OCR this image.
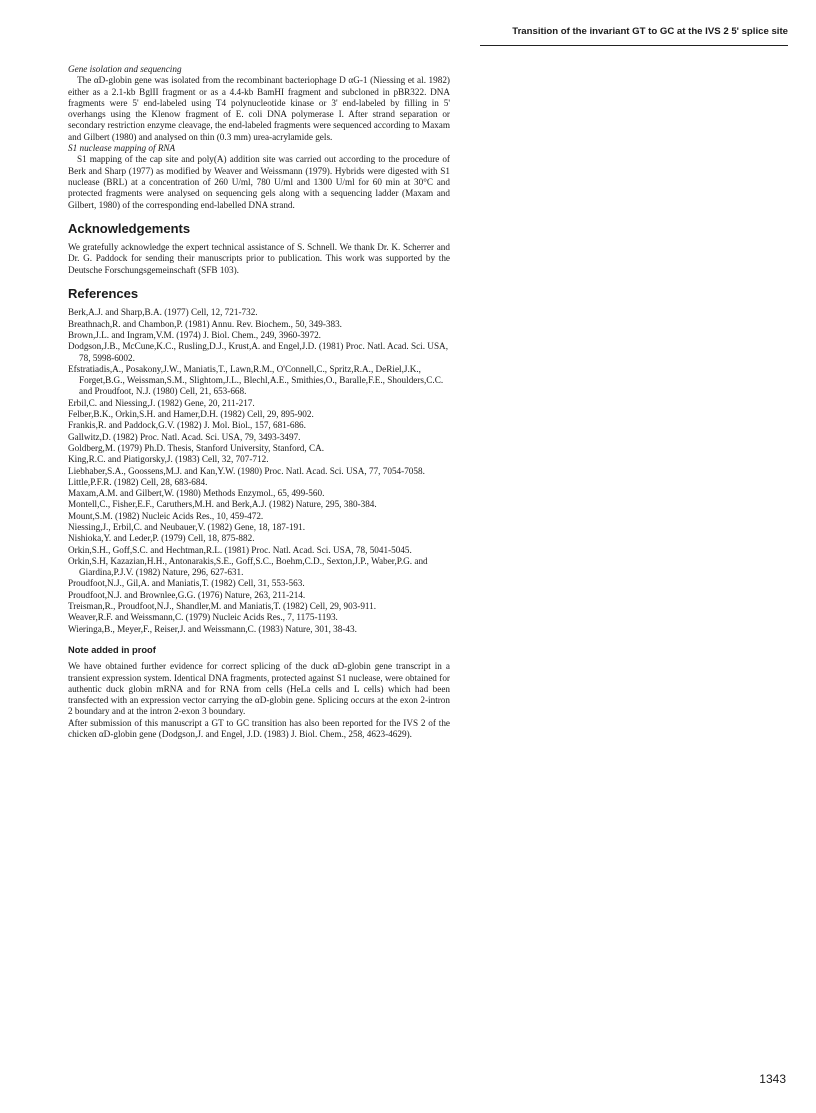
Transition of the invariant GT to GC at the IVS 2 5' splice site

Gene isolation and sequencing

The αD-globin gene was isolated from the recombinant bacteriophage D αG-1 (Niessing et al. 1982) either as a 2.1-kb BglII fragment or as a 4.4-kb BamHI fragment and subcloned in pBR322. DNA fragments were 5' end-labeled using T4 polynucleotide kinase or 3' end-labeled by filling in 5' overhangs using the Klenow fragment of E. coli DNA polymerase I. After strand separation or secondary restriction enzyme cleavage, the end-labeled fragments were sequenced according to Maxam and Gilbert (1980) and analysed on thin (0.3 mm) urea-acrylamide gels.

S1 nuclease mapping of RNA

S1 mapping of the cap site and poly(A) addition site was carried out according to the procedure of Berk and Sharp (1977) as modified by Weaver and Weissmann (1979). Hybrids were digested with S1 nuclease (BRL) at a concentration of 260 U/ml, 780 U/ml and 1300 U/ml for 60 min at 30°C and protected fragments were analysed on sequencing gels along with a sequencing ladder (Maxam and Gilbert, 1980) of the corresponding end-labelled DNA strand.

Acknowledgements

We gratefully acknowledge the expert technical assistance of S. Schnell. We thank Dr. K. Scherrer and Dr. G. Paddock for sending their manuscripts prior to publication. This work was supported by the Deutsche Forschungsgemeinschaft (SFB 103).

References
Berk,A.J. and Sharp,B.A. (1977) Cell, 12, 721-732.
Breathnach,R. and Chambon,P. (1981) Annu. Rev. Biochem., 50, 349-383.
Brown,J.L. and Ingram,V.M. (1974) J. Biol. Chem., 249, 3960-3972.
Dodgson,J.B., McCune,K.C., Rusling,D.J., Krust,A. and Engel,J.D. (1981) Proc. Natl. Acad. Sci. USA, 78, 5998-6002.
Efstratiadis,A., Posakony,J.W., Maniatis,T., Lawn,R.M., O'Connell,C., Spritz,R.A., DeRiel,J.K., Forget,B.G., Weissman,S.M., Slightom,J.L., Blechl,A.E., Smithies,O., Baralle,F.E., Shoulders,C.C. and Proudfoot, N.J. (1980) Cell, 21, 653-668.
Erbil,C. and Niessing,J. (1982) Gene, 20, 211-217.
Felber,B.K., Orkin,S.H. and Hamer,D.H. (1982) Cell, 29, 895-902.
Frankis,R. and Paddock,G.V. (1982) J. Mol. Biol., 157, 681-686.
Gallwitz,D. (1982) Proc. Natl. Acad. Sci. USA, 79, 3493-3497.
Goldberg,M. (1979) Ph.D. Thesis, Stanford University, Stanford, CA.
King,R.C. and Piatigorsky,J. (1983) Cell, 32, 707-712.
Liebhaber,S.A., Goossens,M.J. and Kan,Y.W. (1980) Proc. Natl. Acad. Sci. USA, 77, 7054-7058.
Little,P.F.R. (1982) Cell, 28, 683-684.
Maxam,A.M. and Gilbert,W. (1980) Methods Enzymol., 65, 499-560.
Montell,C., Fisher,E.F., Caruthers,M.H. and Berk,A.J. (1982) Nature, 295, 380-384.
Mount,S.M. (1982) Nucleic Acids Res., 10, 459-472.
Niessing,J., Erbil,C. and Neubauer,V. (1982) Gene, 18, 187-191.
Nishioka,Y. and Leder,P. (1979) Cell, 18, 875-882.
Orkin,S.H., Goff,S.C. and Hechtman,R.L. (1981) Proc. Natl. Acad. Sci. USA, 78, 5041-5045.
Orkin,S.H, Kazazian,H.H., Antonarakis,S.E., Goff,S.C., Boehm,C.D., Sexton,J.P., Waber,P.G. and Giardina,P.J.V. (1982) Nature, 296, 627-631.
Proudfoot,N.J., Gil,A. and Maniatis,T. (1982) Cell, 31, 553-563.
Proudfoot,N.J. and Brownlee,G.G. (1976) Nature, 263, 211-214.
Treisman,R., Proudfoot,N.J., Shandler,M. and Maniatis,T. (1982) Cell, 29, 903-911.
Weaver,R.F. and Weissmann,C. (1979) Nucleic Acids Res., 7, 1175-1193.
Wieringa,B., Meyer,F., Reiser,J. and Weissmann,C. (1983) Nature, 301, 38-43.
Note added in proof

We have obtained further evidence for correct splicing of the duck αD-globin gene transcript in a transient expression system. Identical DNA fragments, protected against S1 nuclease, were obtained for authentic duck globin mRNA and for RNA from cells (HeLa cells and L cells) which had been transfected with an expression vector carrying the αD-globin gene. Splicing occurs at the exon 2-intron 2 boundary and at the intron 2-exon 3 boundary.

After submission of this manuscript a GT to GC transition has also been reported for the IVS 2 of the chicken αD-globin gene (Dodgson,J. and Engel, J.D. (1983) J. Biol. Chem., 258, 4623-4629).

1343
